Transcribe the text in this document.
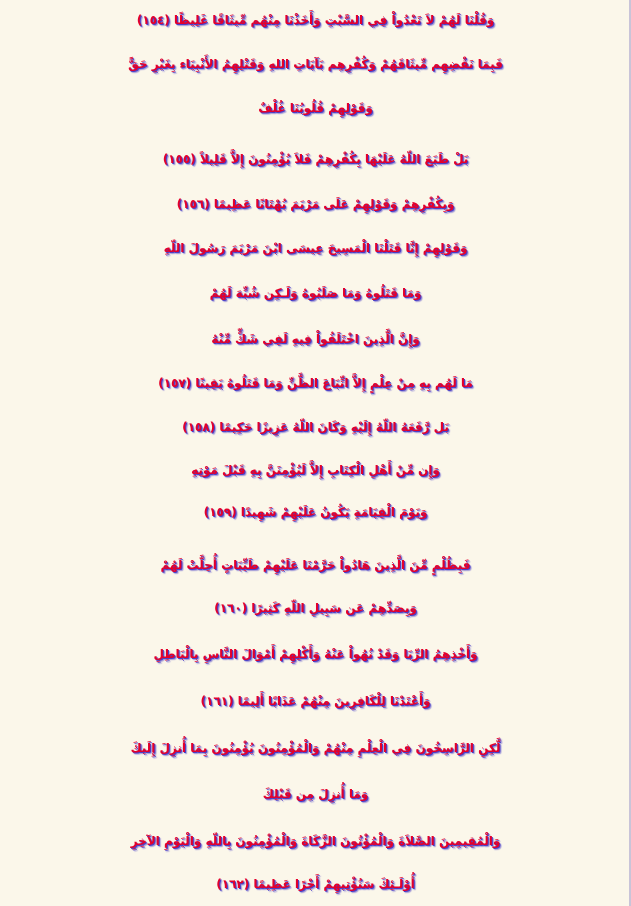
وَقُلْنَا لَهُمْ لاَ تَعْدُواْ فِي السَّبْتِ وَأَخَذْنَا مِنْهُم مِّيثَاقًا غَلِيظًا (١٥٤)
فَبِمَا نَقْضِهِم مِّيثَاقَهُمْ وَكُفْرِهِم بَآيَاتِ اللهِ وَقَتْلِهِمُ الأَنْبِيَاء بِغَيْرِ حَقًّ
وَقَوْلِهِمْ قُلُوبُنَا غُلْفٌ
بَلْ طَبَعَ اللّهُ عَلَيْهَا بِكُفْرِهِمْ فَلاَ يُؤْمِنُونَ إِلاَّ قَلِيلاً (١٥٥)
وَبِكُفْرِهِمْ وَقَوْلِهِمْ عَلَى مَرْيَمَ بُهْتَانًا عَظِيمًا (١٥٦)
وَقَوْلِهِمْ إِنَّا قَتَلْنَا الْمَسِيحَ عِيسَى ابْنَ مَرْيَمَ رَسُولَ اللّهِ
وَمَا قَتَلُوهُ وَمَا صَلَبُوهُ وَلَـكِن شُبِّهَ لَهُمْ
وَإِنَّ الَّذِينَ اخْتَلَفُواْ فِيهِ لَفِي شَكٍّ مِّنْهُ
مَا لَهُم بِهِ مِنْ عِلْمٍ إِلاَّ اتِّبَاعَ الظَّنِّ وَمَا قَتَلُوهُ يَقِينًا (١٥٧)
بَل رَّفَعَهُ اللّهُ إِلَيْهِ وَكَانَ اللّهُ عَزِيزًا حَكِيمًا (١٥٨)
وَإِن مِّنْ أَهْلِ الْكِتَابِ إِلاَّ لَيُؤْمِنَنَّ بِهِ قَبْلَ مَوْتِهِ
وَيَوْمَ الْقِيَامَةِ يَكُونُ عَلَيْهِمْ شَهِيدًا (١٥٩)
فَبِظُلْمٍ مِّنَ الَّذِينَ هَادُواْ حَرَّمْنَا عَلَيْهِمْ طَيِّبَاتٍ أُحِلَّتْ لَهُمْ
وَبِصَدِّهِمْ عَن سَبِيلِ اللّهِ كَثِيرًا (١٦٠)
وَأَخْذِهِمُ الرِّبَا وَقَدْ نُهُواْ عَنْهُ وَأَكْلِهِمْ أَمْوَالَ النَّاسِ بِالْبَاطِلِ
وَأَعْتَدْنَا لِلْكَافِرِينَ مِنْهُمْ عَذَابًا أَلِيمًا (١٦١)
لَّكِنِ الرَّاسِخُونَ فِي الْعِلْمِ مِنْهُمْ وَالْمُؤْمِنُونَ يُؤْمِنُونَ بِمَا أُنزِلَ إِلَيكَ
وَمَا أُنزِلَ مِن قَبْلِكَ
وَالْمُقِيمِينَ الصَّلاَةَ وَالْمُؤْتُونَ الزَّكَاةَ وَالْمُؤْمِنُونَ بِاللّهِ وَالْيَوْمِ الآخِرِ
أُوْلَـئِكَ سَنُؤْتِيهِمْ أَجْرًا عَظِيمًا (١٦٢)
